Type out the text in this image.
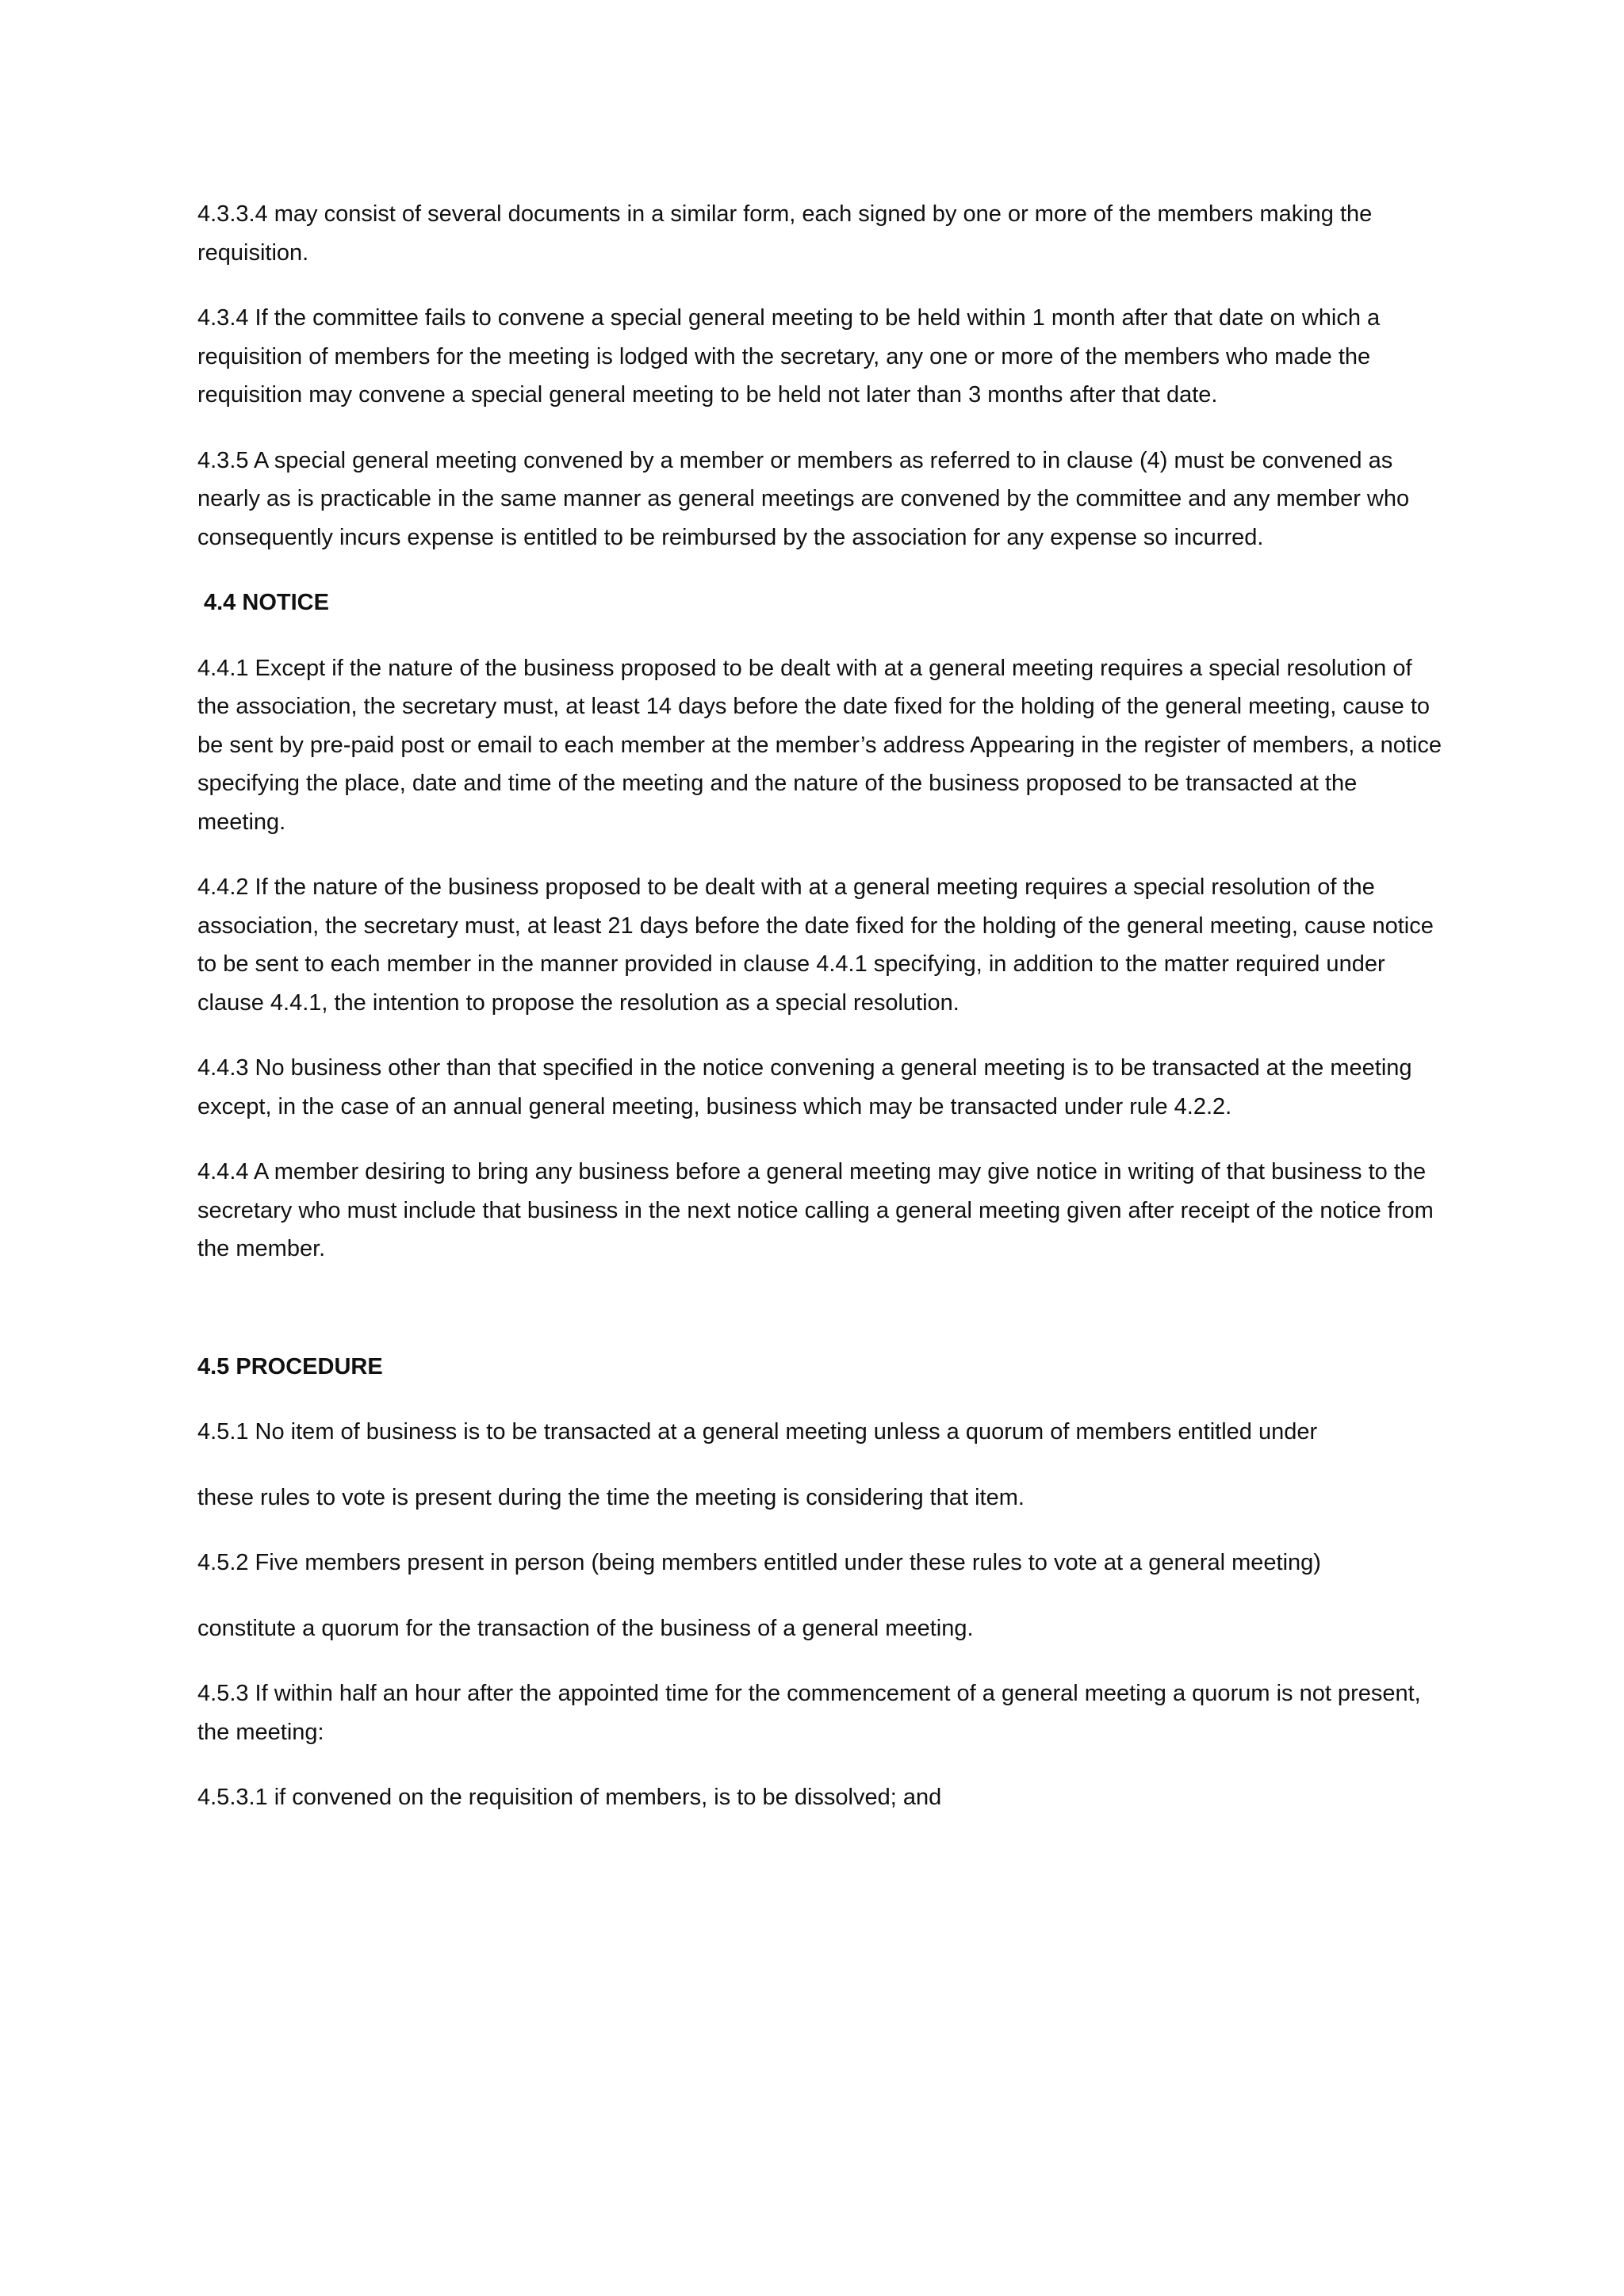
4.3.3.4 may consist of several documents in a similar form, each signed by one or more of the members making the requisition.

4.3.4 If the committee fails to convene a special general meeting to be held within 1 month after that date on which a requisition of members for the meeting is lodged with the secretary, any one or more of the members who made the requisition may convene a special general meeting to be held not later than 3 months after that date.

4.3.5 A special general meeting convened by a member or members as referred to in clause (4) must be convened as nearly as is practicable in the same manner as general meetings are convened by the committee and any member who consequently incurs expense is entitled to be reimbursed by the association for any expense so incurred.

4.4 NOTICE

4.4.1 Except if the nature of the business proposed to be dealt with at a general meeting requires a special resolution of the association, the secretary must, at least 14 days before the date fixed for the holding of the general meeting, cause to be sent by pre-paid post or email to each member at the member’s address Appearing in the register of members, a notice specifying the place, date and time of the meeting and the nature of the business proposed to be transacted at the meeting.

4.4.2 If the nature of the business proposed to be dealt with at a general meeting requires a special resolution of the association, the secretary must, at least 21 days before the date fixed for the holding of the general meeting, cause notice to be sent to each member in the manner provided in clause 4.4.1 specifying, in addition to the matter required under clause 4.4.1, the intention to propose the resolution as a special resolution.

4.4.3 No business other than that specified in the notice convening a general meeting is to be transacted at the meeting except, in the case of an annual general meeting, business which may be transacted under rule 4.2.2.

4.4.4 A member desiring to bring any business before a general meeting may give notice in writing of that business to the secretary who must include that business in the next notice calling a general meeting given after receipt of the notice from the member.

4.5 PROCEDURE

4.5.1 No item of business is to be transacted at a general meeting unless a quorum of members entitled under

these rules to vote is present during the time the meeting is considering that item.

4.5.2 Five members present in person (being members entitled under these rules to vote at a general meeting)

constitute a quorum for the transaction of the business of a general meeting.

4.5.3 If within half an hour after the appointed time for the commencement of a general meeting a quorum is not present, the meeting:

4.5.3.1 if convened on the requisition of members, is to be dissolved; and
